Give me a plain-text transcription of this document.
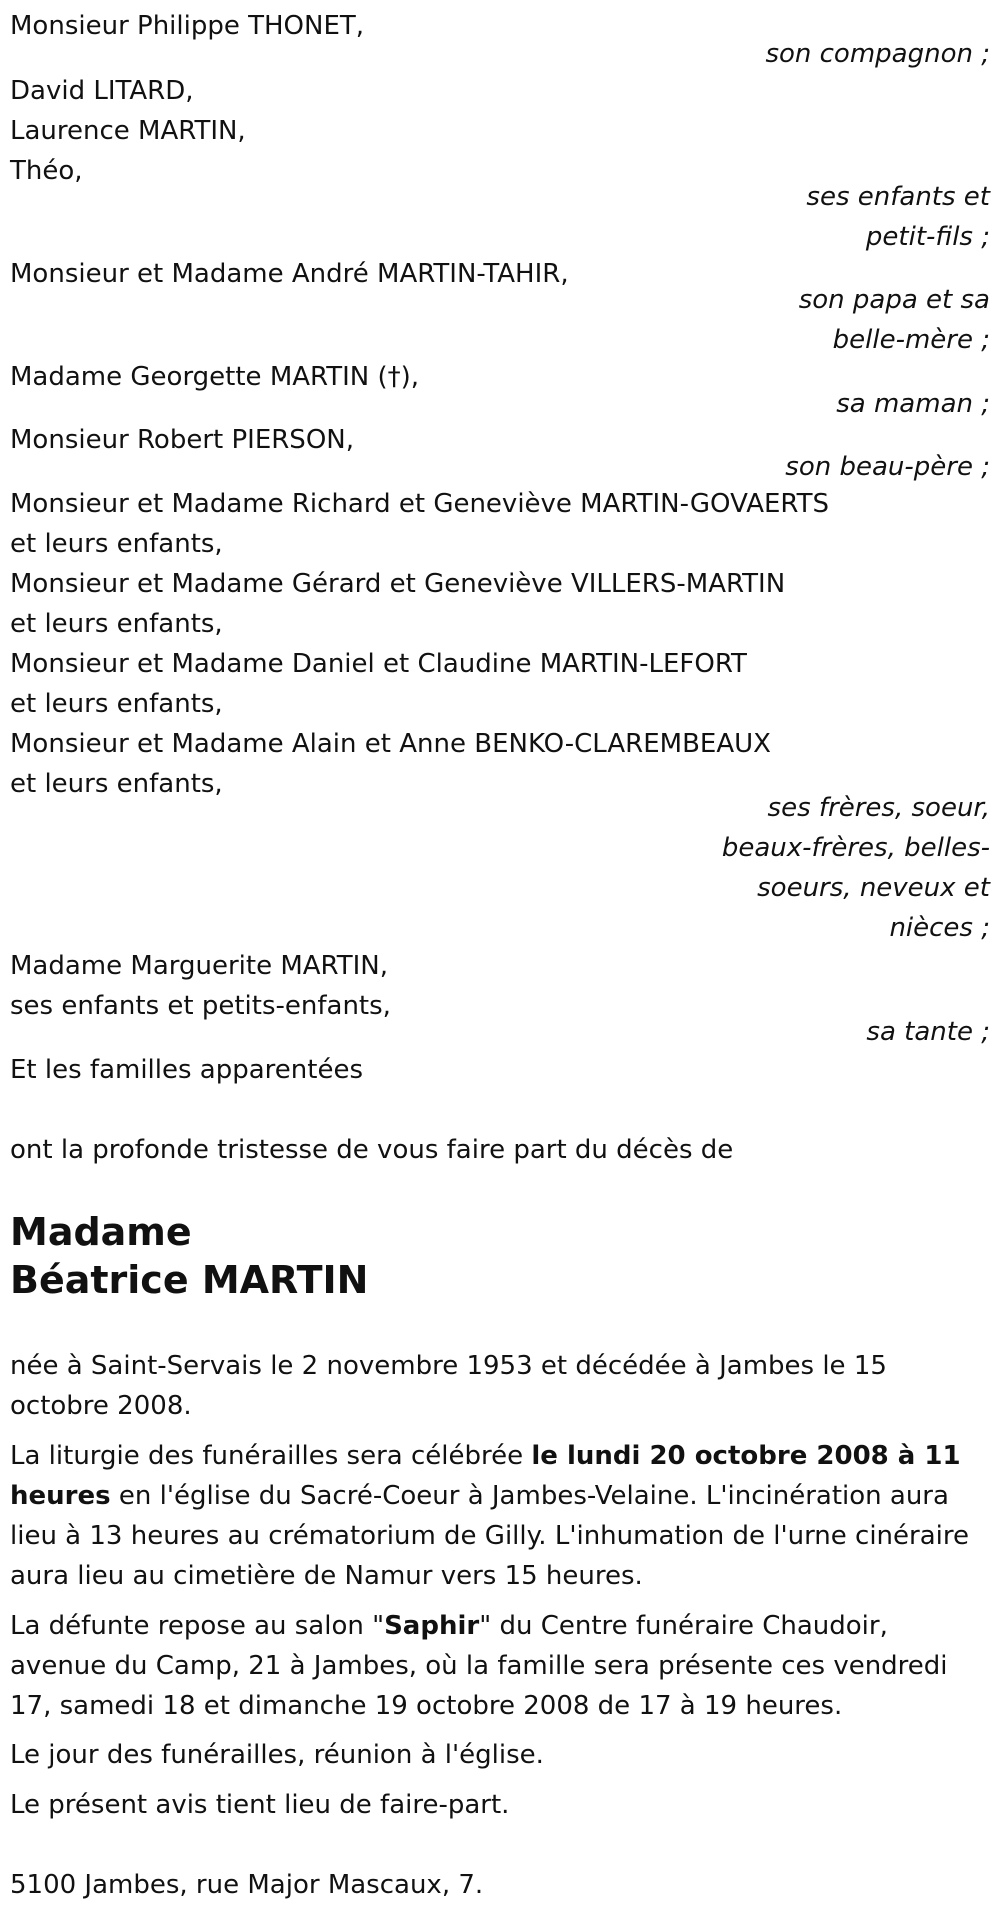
Monsieur Philippe THONET,
son compagnon ;
David LITARD,
Laurence MARTIN,
Théo,
ses enfants et
petit-fils ;
Monsieur et Madame André MARTIN-TAHIR,
son papa et sa
belle-mère ;
Madame Georgette MARTIN (†),
sa maman ;
Monsieur Robert PIERSON,
son beau-père ;
Monsieur et Madame Richard et Geneviève MARTIN-GOVAERTS
et leurs enfants,
Monsieur et Madame Gérard et Geneviève VILLERS-MARTIN
et leurs enfants,
Monsieur et Madame Daniel et Claudine MARTIN-LEFORT
et leurs enfants,
Monsieur et Madame Alain et Anne BENKO-CLAREMBEAUX
et leurs enfants,
ses frères, soeur,
beaux-frères, belles-
soeurs, neveux et
nièces ;
Madame Marguerite MARTIN,
ses enfants et petits-enfants,
sa tante ;
Et les familles apparentées
ont la profonde tristesse de vous faire part du décès de
Madame
Béatrice MARTIN
née à Saint-Servais le 2 novembre 1953 et décédée à Jambes le 15 octobre 2008.
La liturgie des funérailles sera célébrée le lundi 20 octobre 2008 à 11 heures en l'église du Sacré-Coeur à Jambes-Velaine. L'incinération aura lieu à 13 heures au crématorium de Gilly. L'inhumation de l'urne cinéraire aura lieu au cimetière de Namur vers 15 heures.
La défunte repose au salon "Saphir" du Centre funéraire Chaudoir, avenue du Camp, 21 à Jambes, où la famille sera présente ces vendredi 17, samedi 18 et dimanche 19 octobre 2008 de 17 à 19 heures.
Le jour des funérailles, réunion à l'église.
Le présent avis tient lieu de faire-part.
5100 Jambes, rue Major Mascaux, 7.
